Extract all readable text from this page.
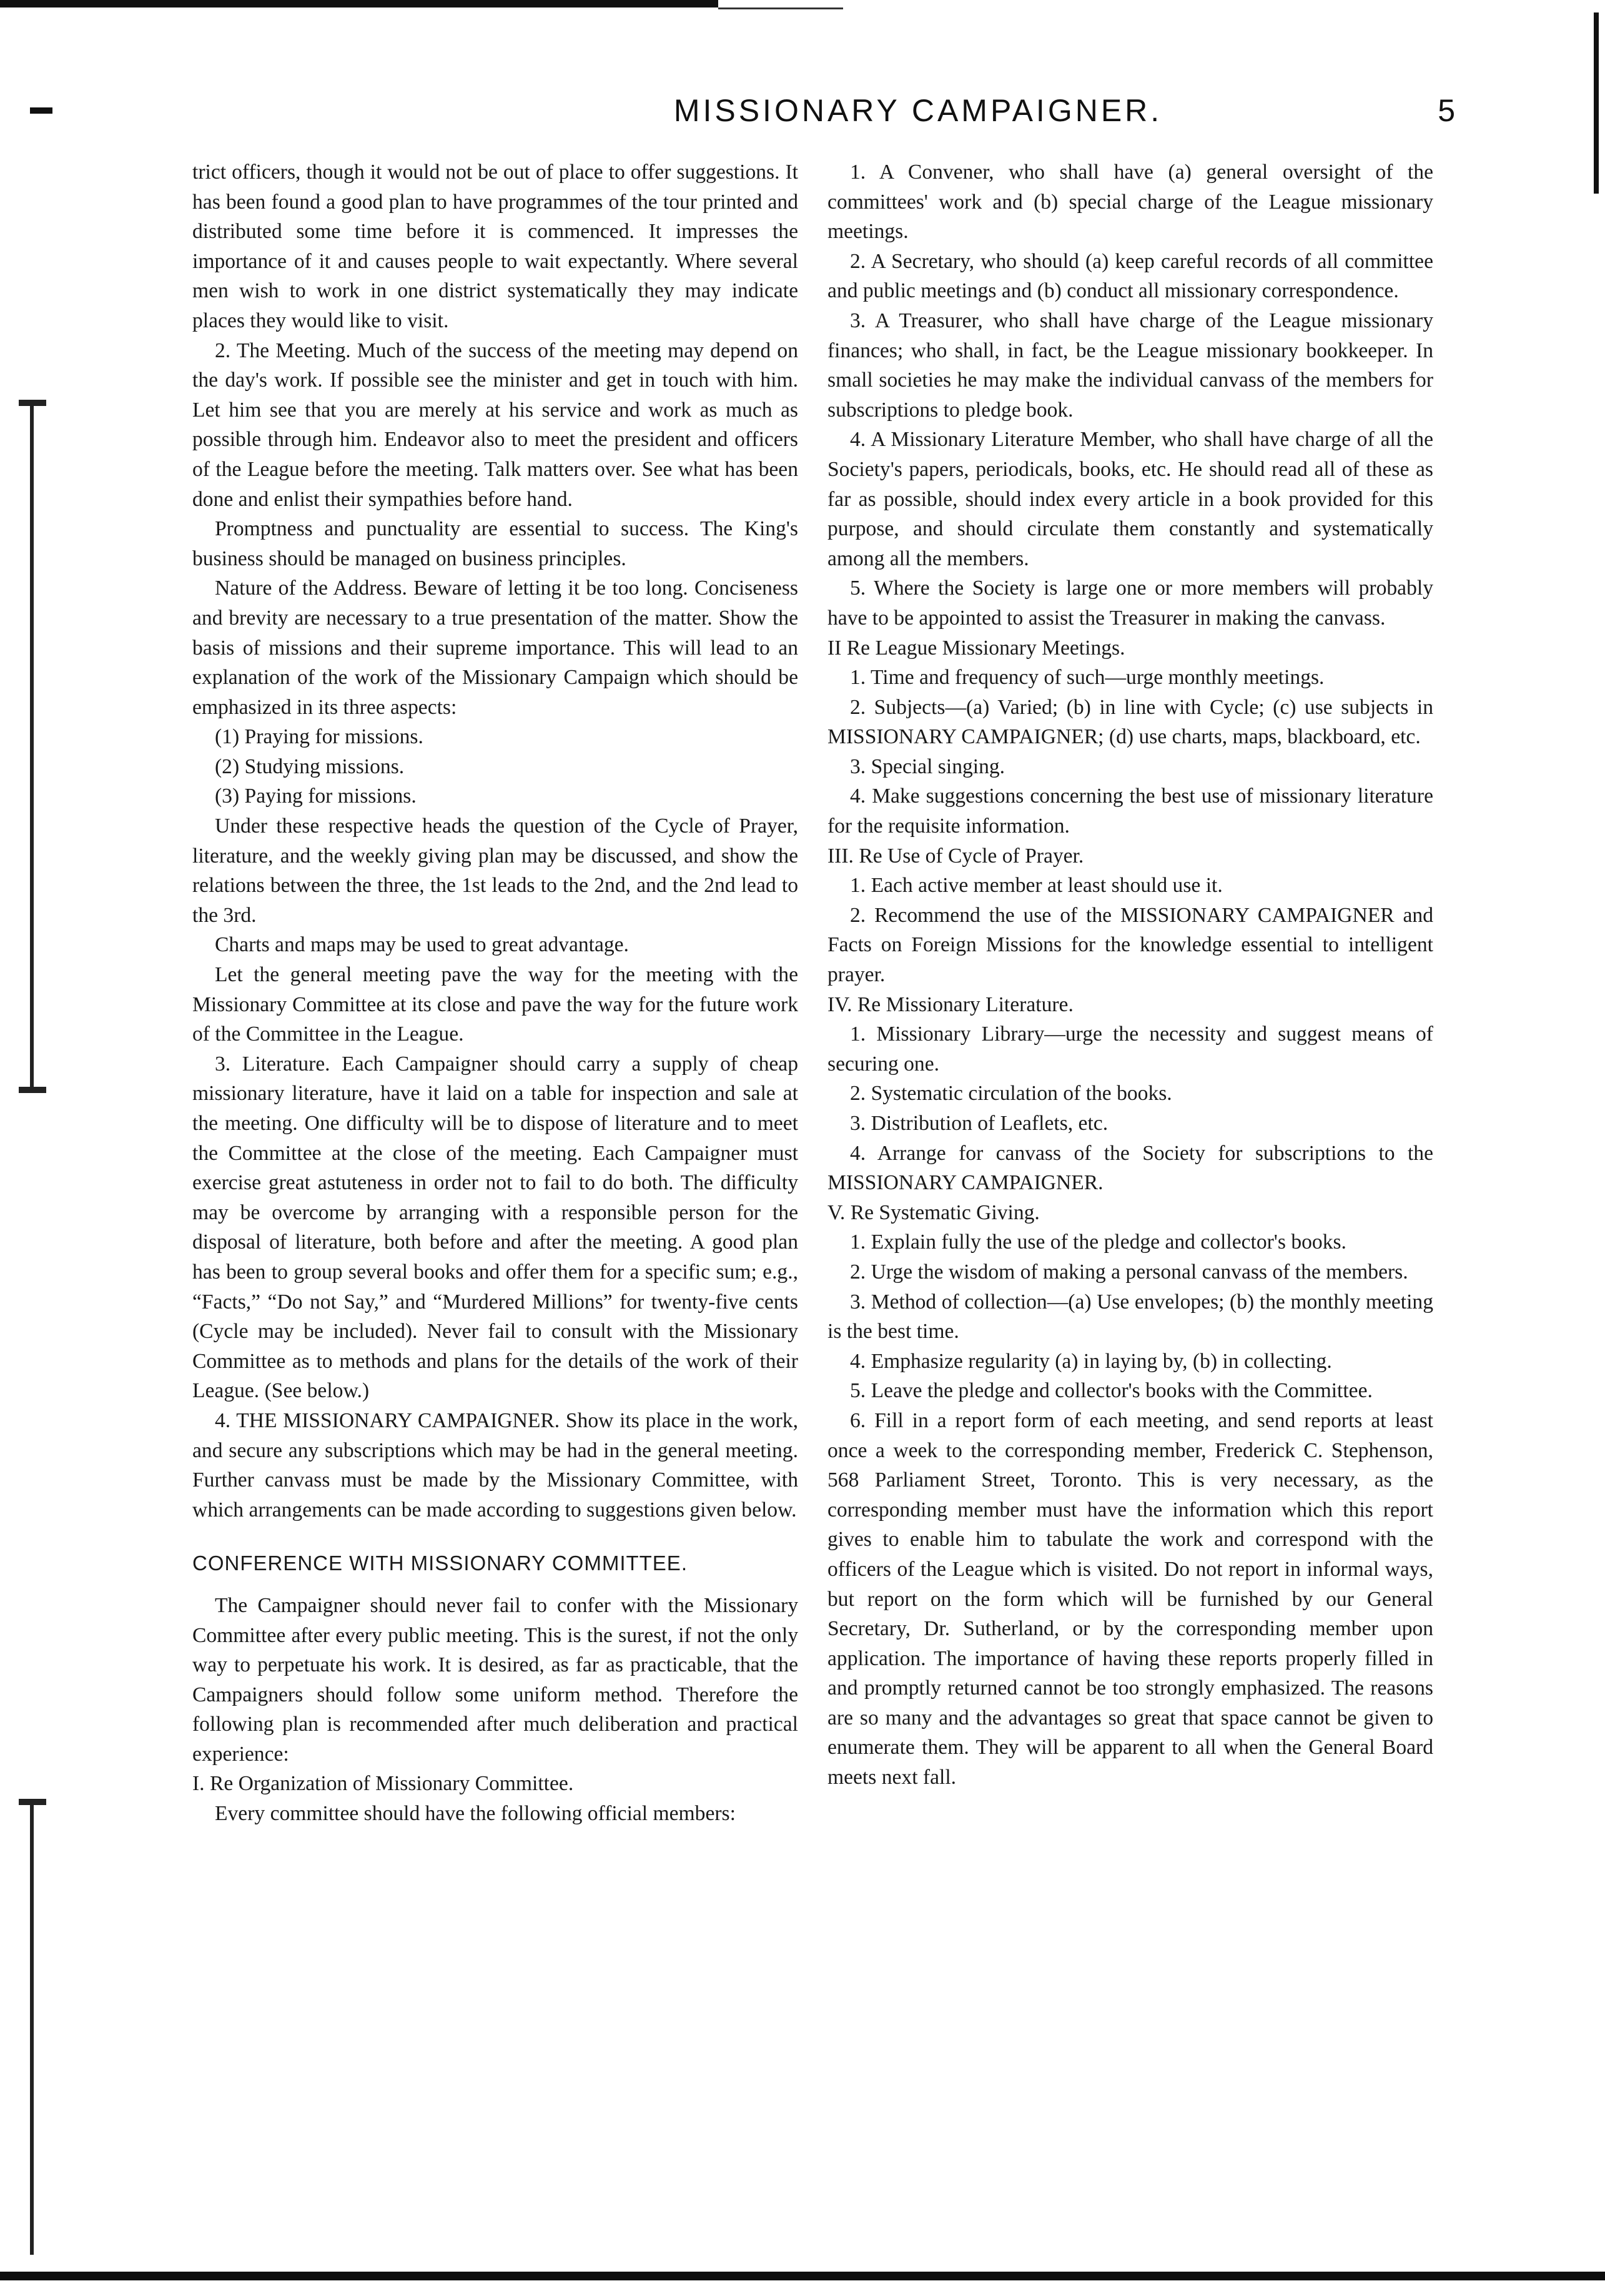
MISSIONARY CAMPAIGNER.	5

trict officers, though it would not be out of place to offer suggestions. It has been found a good plan to have programmes of the tour printed and distributed some time before it is commenced. It impresses the importance of it and causes people to wait expectantly. Where several men wish to work in one district systematically they may indicate places they would like to visit.

2. The Meeting. Much of the success of the meeting may depend on the day's work. If possible see the minister and get in touch with him. Let him see that you are merely at his service and work as much as possible through him. Endeavor also to meet the president and officers of the League before the meeting. Talk matters over. See what has been done and enlist their sympathies before hand.

Promptness and punctuality are essential to success. The King's business should be managed on business principles.

Nature of the Address. Beware of letting it be too long. Conciseness and brevity are necessary to a true presentation of the matter. Show the basis of missions and their supreme importance. This will lead to an explanation of the work of the Missionary Campaign which should be emphasized in its three aspects:

(1) Praying for missions.

(2) Studying missions.

(3) Paying for missions.

Under these respective heads the question of the Cycle of Prayer, literature, and the weekly giving plan may be discussed, and show the relations between the three, the 1st leads to the 2nd, and the 2nd lead to the 3rd.

Charts and maps may be used to great advantage.

Let the general meeting pave the way for the meeting with the Missionary Committee at its close and pave the way for the future work of the Committee in the League.

3. Literature. Each Campaigner should carry a supply of cheap missionary literature, have it laid on a table for inspection and sale at the meeting. One difficulty will be to dispose of literature and to meet the Committee at the close of the meeting. Each Campaigner must exercise great astuteness in order not to fail to do both. The difficulty may be overcome by arranging with a responsible person for the disposal of literature, both before and after the meeting. A good plan has been to group several books and offer them for a specific sum; e.g., “Facts,” “Do not Say,” and “Murdered Millions” for twenty-five cents (Cycle may be included). Never fail to consult with the Missionary Committee as to methods and plans for the details of the work of their League. (See below.)

4. THE MISSIONARY CAMPAIGNER. Show its place in the work, and secure any subscriptions which may be had in the general meeting. Further canvass must be made by the Missionary Committee, with which arrangements can be made according to suggestions given below.

CONFERENCE WITH MISSIONARY COMMITTEE.

The Campaigner should never fail to confer with the Missionary Committee after every public meeting. This is the surest, if not the only way to perpetuate his work. It is desired, as far as practicable, that the Campaigners should follow some uniform method. Therefore the following plan is recommended after much deliberation and practical experience:

I. Re Organization of Missionary Committee.

Every committee should have the following official members:

1. A Convener, who shall have (a) general oversight of the committees' work and (b) special charge of the League missionary meetings.

2. A Secretary, who should (a) keep careful records of all committee and public meetings and (b) conduct all missionary correspondence.

3. A Treasurer, who shall have charge of the League missionary finances; who shall, in fact, be the League missionary bookkeeper. In small societies he may make the individual canvass of the members for subscriptions to pledge book.

4. A Missionary Literature Member, who shall have charge of all the Society's papers, periodicals, books, etc. He should read all of these as far as possible, should index every article in a book provided for this purpose, and should circulate them constantly and systematically among all the members.

5. Where the Society is large one or more members will probably have to be appointed to assist the Treasurer in making the canvass.

II Re League Missionary Meetings.

1. Time and frequency of such—urge monthly meetings.

2. Subjects—(a) Varied; (b) in line with Cycle; (c) use subjects in MISSIONARY CAMPAIGNER; (d) use charts, maps, blackboard, etc.

3. Special singing.

4. Make suggestions concerning the best use of missionary literature for the requisite information.

III. Re Use of Cycle of Prayer.

1. Each active member at least should use it.

2. Recommend the use of the MISSIONARY CAMPAIGNER and Facts on Foreign Missions for the knowledge essential to intelligent prayer.

IV. Re Missionary Literature.

1. Missionary Library—urge the necessity and suggest means of securing one.

2. Systematic circulation of the books.

3. Distribution of Leaflets, etc.

4. Arrange for canvass of the Society for subscriptions to the MISSIONARY CAMPAIGNER.

V. Re Systematic Giving.

1. Explain fully the use of the pledge and collector's books.

2. Urge the wisdom of making a personal canvass of the members.

3. Method of collection—(a) Use envelopes; (b) the monthly meeting is the best time.

4. Emphasize regularity (a) in laying by, (b) in collecting.

5. Leave the pledge and collector's books with the Committee.

6. Fill in a report form of each meeting, and send reports at least once a week to the corresponding member, Frederick C. Stephenson, 568 Parliament Street, Toronto. This is very necessary, as the corresponding member must have the information which this report gives to enable him to tabulate the work and correspond with the officers of the League which is visited. Do not report in informal ways, but report on the form which will be furnished by our General Secretary, Dr. Sutherland, or by the corresponding member upon application. The importance of having these reports properly filled in and promptly returned cannot be too strongly emphasized. The reasons are so many and the advantages so great that space cannot be given to enumerate them. They will be apparent to all when the General Board meets next fall.
